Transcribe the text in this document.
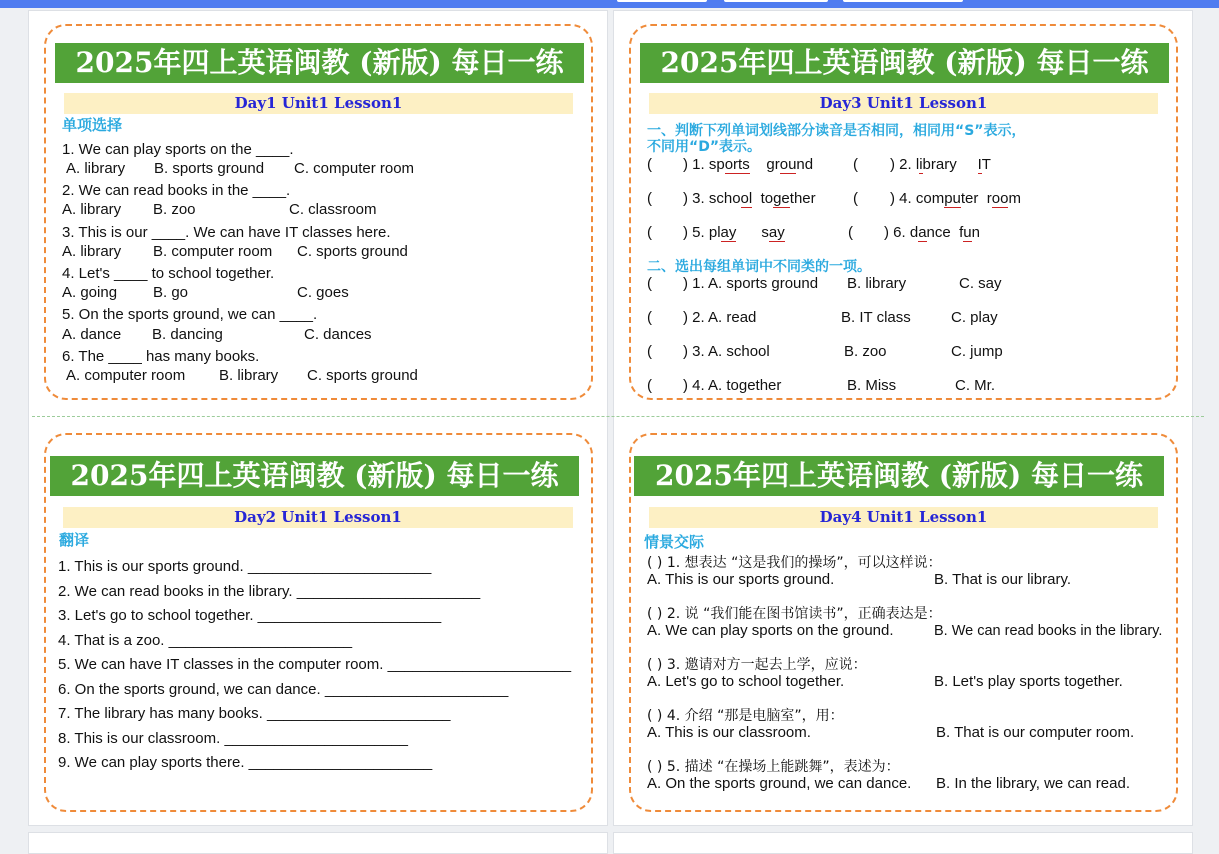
2025年四上英语闽教 (新版) 每日一练
Day1 Unit1 Lesson1
单项选择
1. We can play sports on the ____.
A. library B. sports ground C. computer room
2. We can read books in the ____.
A. library B. zoo	C. classroom
3. This is our ____. We can have IT classes here.
A. library B. computer room C. sports ground
4. Let's ____ to school together.
A. going B. go	C. goes
5. On the sports ground, we can ____.
A. dance B. dancing	C. dances
6. The ____ has many books.
A. computer room B. library C. sports ground
2025年四上英语闽教 (新版) 每日一练
Day3 Unit1 Lesson1
一、判断下列单词划线部分读音是否相同，相同用“S”表示，
不同用“D”表示。
( ) 1. sports ground	( ) 2. library IT
( ) 3. school together ( ) 4. computer room
( ) 5. play say	( ) 6. dance fun
二、选出每组单词中不同类的一项。
( ) 1. A. sports ground B. library	C. say
( ) 2. A. read	B. IT class	C. play
( ) 3. A. school	B. zoo	C. jump
( ) 4. A. together	B. Miss	C. Mr.
2025年四上英语闽教 (新版) 每日一练
Day2 Unit1 Lesson1
翻译
1. This is our sports ground. ______________________
2. We can read books in the library. ______________________
3. Let's go to school together. ______________________
4. That is a zoo. ______________________
5. We can have IT classes in the computer room. ______________________
6. On the sports ground, we can dance. ______________________
7. The library has many books. ______________________
8. This is our classroom. ______________________
9. We can play sports there. ______________________
2025年四上英语闽教 (新版) 每日一练
Day4 Unit1 Lesson1
情景交际
( ) 1. 想表达 “这是我们的操场”，可以这样说：
A. This is our sports ground.	B. That is our library.
( ) 2. 说 “我们能在图书馆读书”，正确表达是：
A. We can play sports on the ground.	B. We can read books in the library.
( ) 3. 邀请对方一起去上学，应说：
A. Let's go to school together.	B. Let's play sports together.
( ) 4. 介绍 “那是电脑室”，用：
A. This is our classroom.	B. That is our computer room.
( ) 5. 描述 “在操场上能跳舞”，表述为：
A. On the sports ground, we can dance. B. In the library, we can read.
